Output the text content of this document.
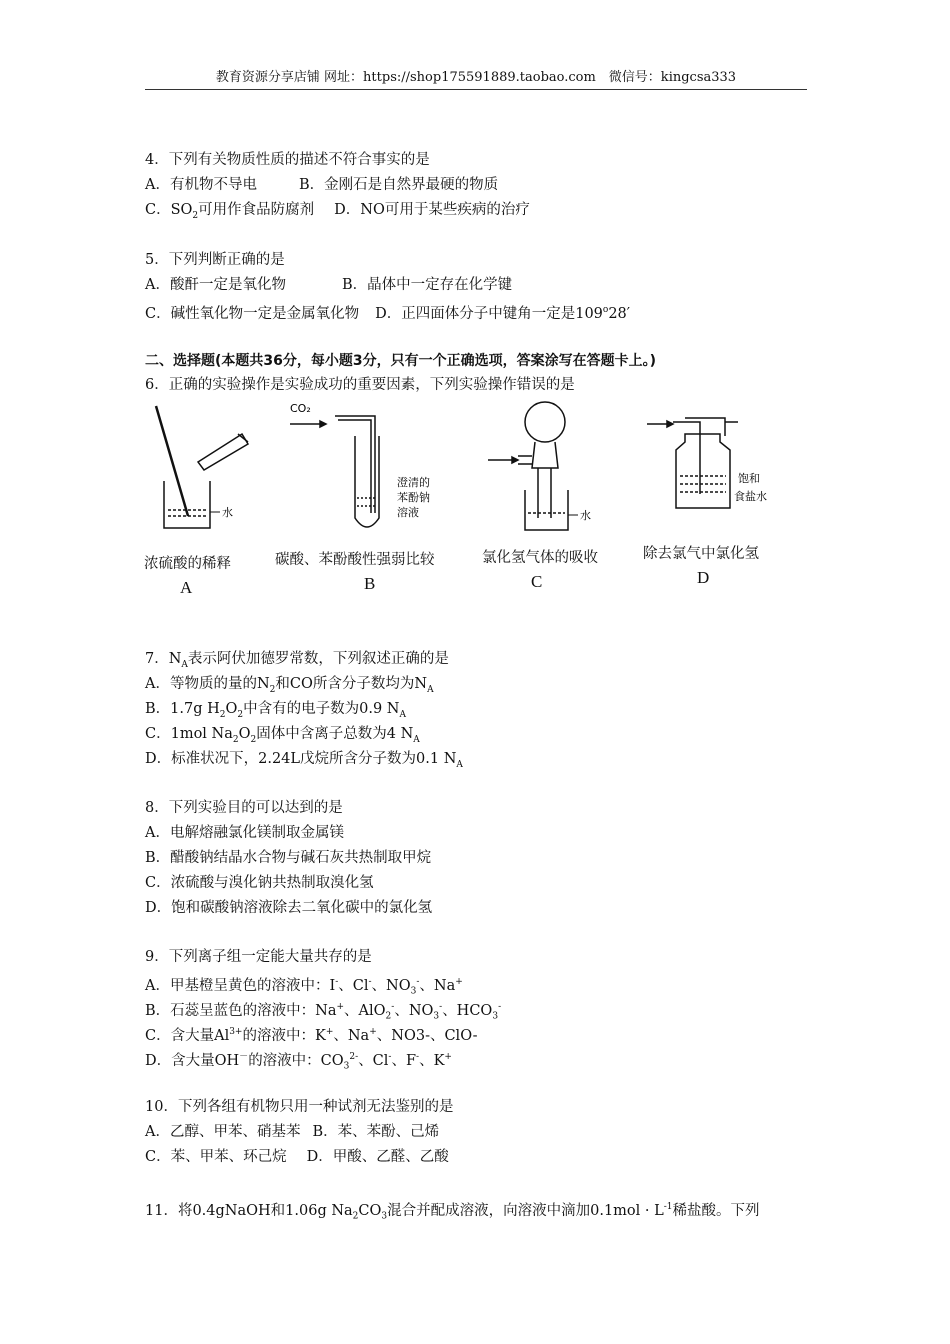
教育资源分享店铺 网址：https://shop175591889.taobao.com　微信号：kingcsa333
4．下列有关物质性质的描述不符合事实的是
A．有机物不导电	B．金刚石是自然界最硬的物质
C．$SO_2$可用作食品防腐剂 D．NO可用于某些疾病的治疗
5．下列判断正确的是
A．酸酐一定是氧化物	B．晶体中一定存在化学键
C．碱性氧化物一定是金属氧化物 D．正四面体分子中键角一定是109$^o$28′
二、选择题(本题共36分，每小题3分，只有一个正确选项，答案涂写在答题卡上。)
6．正确的实验操作是实验成功的重要因素，下列实验操作错误的是
水
CO₂
澄清的
苯酚钠
溶液	水
饱和
食盐水
浓硫酸的稀释
A
碳酸、苯酚酸性强弱比较
B
氯化氢气体的吸收
C
除去氯气中氯化氢
D
7．$N_A$表示阿伏加德罗常数，下列叙述正确的是
A．等物质的量的$N_2$和CO所含分子数均为$N_A$
B．1.7g $H_2O_2$中含有的电子数为0.9 $N_A$
C．1mol $Na_2O_2$固体中含离子总数为4 $N_A$
D．标准状况下，2.24L戊烷所含分子数为0.1 $N_A$
8．下列实验目的可以达到的是
A．电解熔融氯化镁制取金属镁
B．醋酸钠结晶水合物与碱石灰共热制取甲烷
C．浓硫酸与溴化钠共热制取溴化氢
D．饱和碳酸钠溶液除去二氧化碳中的氯化氢
9．下列离子组一定能大量共存的是
A．甲基橙呈黄色的溶液中：I-、Cl-、$NO_3^-$、Na+
B．石蕊呈蓝色的溶液中：Na+、AlO$_2$-、$NO_3^-$、$HCO_3^-$
C．含大量$Al^{3+}$的溶液中：K+、Na+、NO3-、ClO-
D．含大量OH－的溶液中：$CO_3^{2-}$、Cl-、F-、K+
10．下列各组有机物只用一种试剂无法鉴别的是
A．乙醇、甲苯、硝基苯 B．苯、苯酚、己烯
C．苯、甲苯、环己烷 D．甲酸、乙醛、乙酸
11．将0.4gNaOH和1.06g $Na_2CO_3$混合并配成溶液，向溶液中滴加$0.1mol \cdot L^{-1}$稀盐酸。下列
